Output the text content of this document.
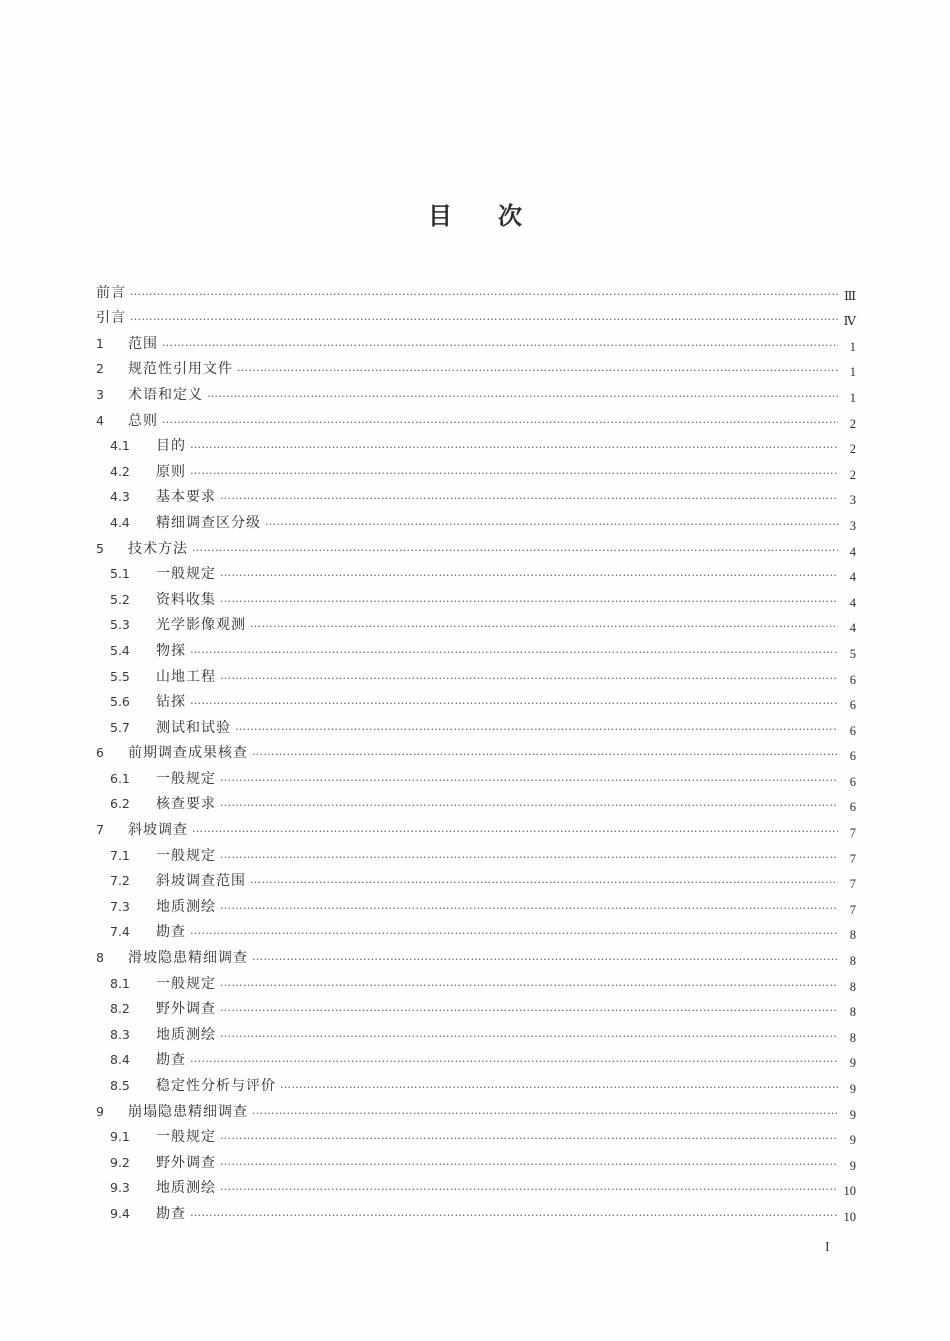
目 次
前言 ……………………………………………………………………………………………………………………………………………………………………………………………………………………………………………	Ⅲ
引言 ……………………………………………………………………………………………………………………………………………………………………………………………………………………………………………	Ⅳ
1	范围 ……………………………………………………………………………………………………………………………………………………………………………………………………………………………………………	1
2	规范性引用文件 ……………………………………………………………………………………………………………………………………………………………………………………………………………………………………………	1
3	术语和定义 ……………………………………………………………………………………………………………………………………………………………………………………………………………………………………………	1
4	总则 ……………………………………………………………………………………………………………………………………………………………………………………………………………………………………………	2
4.1	目的 ……………………………………………………………………………………………………………………………………………………………………………………………………………………………………………	2
4.2	原则 ……………………………………………………………………………………………………………………………………………………………………………………………………………………………………………	2
4.3	基本要求 ……………………………………………………………………………………………………………………………………………………………………………………………………………………………………………	3
4.4	精细调查区分级 ……………………………………………………………………………………………………………………………………………………………………………………………………………………………………………	3
5	技术方法 ……………………………………………………………………………………………………………………………………………………………………………………………………………………………………………	4
5.1	一般规定 ……………………………………………………………………………………………………………………………………………………………………………………………………………………………………………	4
5.2	资料收集 ……………………………………………………………………………………………………………………………………………………………………………………………………………………………………………	4
5.3	光学影像观测 ……………………………………………………………………………………………………………………………………………………………………………………………………………………………………………	4
5.4	物探 ……………………………………………………………………………………………………………………………………………………………………………………………………………………………………………	5
5.5	山地工程 ……………………………………………………………………………………………………………………………………………………………………………………………………………………………………………	6
5.6	钻探 ……………………………………………………………………………………………………………………………………………………………………………………………………………………………………………	6
5.7	测试和试验 ……………………………………………………………………………………………………………………………………………………………………………………………………………………………………………	6
6	前期调查成果核查 ……………………………………………………………………………………………………………………………………………………………………………………………………………………………………………	6
6.1	一般规定 ……………………………………………………………………………………………………………………………………………………………………………………………………………………………………………	6
6.2	核查要求 ……………………………………………………………………………………………………………………………………………………………………………………………………………………………………………	6
7	斜坡调查 ……………………………………………………………………………………………………………………………………………………………………………………………………………………………………………	7
7.1	一般规定 ……………………………………………………………………………………………………………………………………………………………………………………………………………………………………………	7
7.2	斜坡调查范围 ……………………………………………………………………………………………………………………………………………………………………………………………………………………………………………	7
7.3	地质测绘 ……………………………………………………………………………………………………………………………………………………………………………………………………………………………………………	7
7.4	勘查 ……………………………………………………………………………………………………………………………………………………………………………………………………………………………………………	8
8	滑坡隐患精细调查 ……………………………………………………………………………………………………………………………………………………………………………………………………………………………………………	8
8.1	一般规定 ……………………………………………………………………………………………………………………………………………………………………………………………………………………………………………	8
8.2	野外调查 ……………………………………………………………………………………………………………………………………………………………………………………………………………………………………………	8
8.3	地质测绘 ……………………………………………………………………………………………………………………………………………………………………………………………………………………………………………	8
8.4	勘查 ……………………………………………………………………………………………………………………………………………………………………………………………………………………………………………	9
8.5	稳定性分析与评价 ……………………………………………………………………………………………………………………………………………………………………………………………………………………………………………	9
9	崩塌隐患精细调查 ……………………………………………………………………………………………………………………………………………………………………………………………………………………………………………	9
9.1	一般规定 ……………………………………………………………………………………………………………………………………………………………………………………………………………………………………………	9
9.2	野外调查 ……………………………………………………………………………………………………………………………………………………………………………………………………………………………………………	9
9.3	地质测绘 ……………………………………………………………………………………………………………………………………………………………………………………………………………………………………………	10
9.4	勘查 ……………………………………………………………………………………………………………………………………………………………………………………………………………………………………………	10
I
